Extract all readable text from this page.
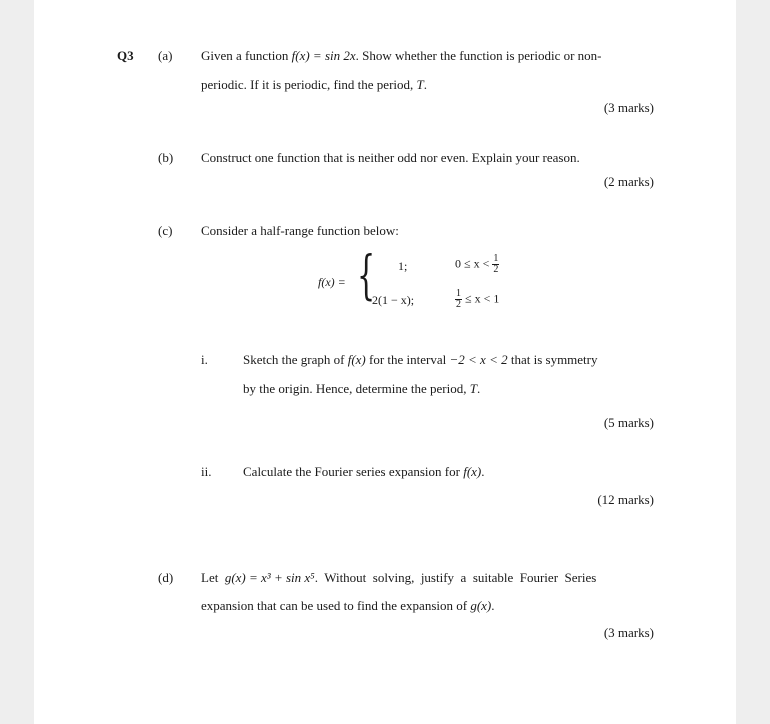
Q3 (a) Given a function f(x) = sin 2x. Show whether the function is periodic or non-
periodic. If it is periodic, find the period, T.
(3 marks)
(b) Construct one function that is neither odd nor even. Explain your reason.
(2 marks)
(c) Consider a half-range function below:
f(x) = { 1;	$0 \le x < \frac{1}{2}$
2(1 − x);	$\frac{1}{2} \le x < 1$
i.	Sketch the graph of f(x) for the interval −2 < x < 2 that is symmetry
by the origin. Hence, determine the period, T.
(5 marks)
ii. Calculate the Fourier series expansion for f(x).
(12 marks)
(d) Let  g(x) = x³ + sin x⁵.  Without  solving,  justify  a  suitable  Fourier  Series
expansion that can be used to find the expansion of g(x).
(3 marks)
